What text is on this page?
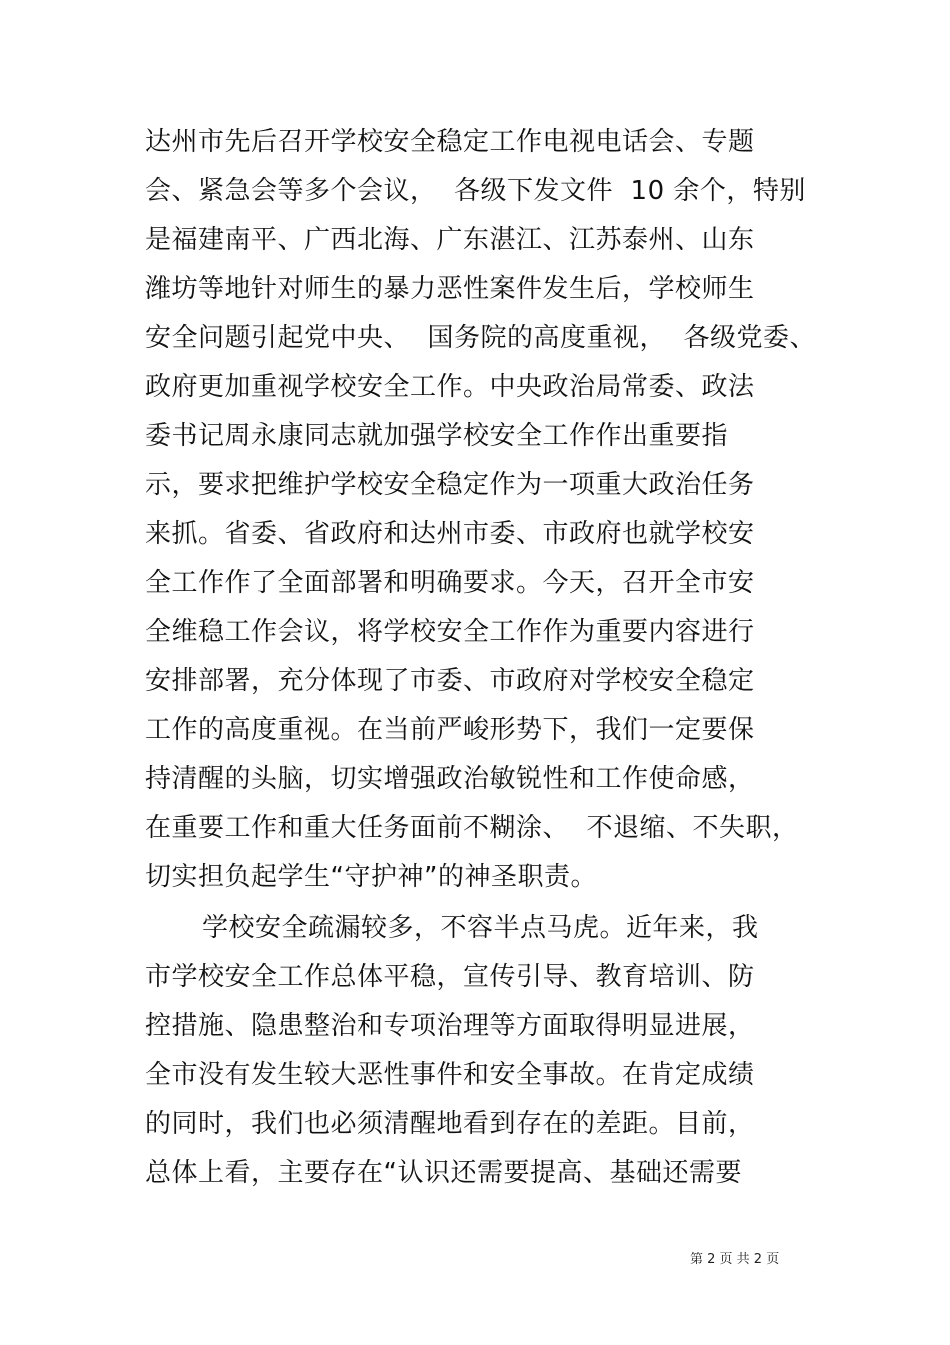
达州市先后召开学校安全稳定工作电视电话会、专题
会、紧急会等多个会议，  各级下发文件  10 余个，特别
是福建南平、广西北海、广东湛江、江苏泰州、山东
潍坊等地针对师生的暴力恶性案件发生后，学校师生
安全问题引起党中央、  国务院的高度重视，  各级党委、
政府更加重视学校安全工作。中央政治局常委、政法
委书记周永康同志就加强学校安全工作作出重要指
示，要求把维护学校安全稳定作为一项重大政治任务
来抓。省委、省政府和达州市委、市政府也就学校安
全工作作了全面部署和明确要求。今天，召开全市安
全维稳工作会议，将学校安全工作作为重要内容进行
安排部署，充分体现了市委、市政府对学校安全稳定
工作的高度重视。在当前严峻形势下，我们一定要保
持清醒的头脑，切实增强政治敏锐性和工作使命感，
在重要工作和重大任务面前不糊涂、  不退缩、不失职，
切实担负起学生“守护神”的神圣职责。
学校安全疏漏较多，不容半点马虎。近年来，我
市学校安全工作总体平稳，宣传引导、教育培训、防
控措施、隐患整治和专项治理等方面取得明显进展，
全市没有发生较大恶性事件和安全事故。在肯定成绩
的同时，我们也必须清醒地看到存在的差距。目前，
总体上看，主要存在“认识还需要提高、基础还需要
第 2 页 共 2 页
